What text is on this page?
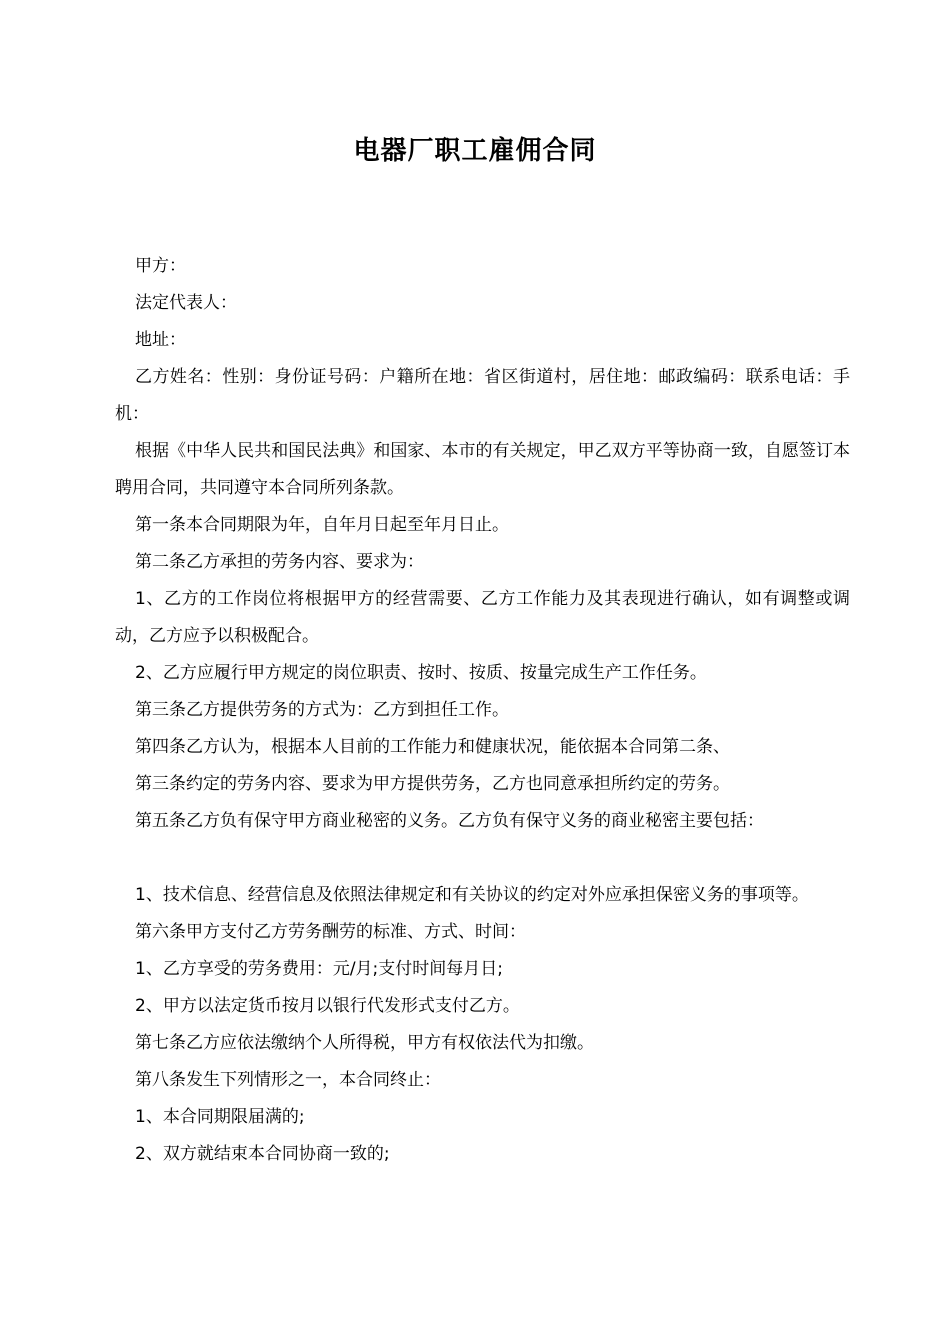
电器厂职工雇佣合同

甲方：

法定代表人：

地址：

乙方姓名：性别：身份证号码：户籍所在地：省区街道村，居住地：邮政编码：联系电话：手机：

根据《中华人民共和国民法典》和国家、本市的有关规定，甲乙双方平等协商一致，自愿签订本聘用合同，共同遵守本合同所列条款。

第一条本合同期限为年，自年月日起至年月日止。

第二条乙方承担的劳务内容、要求为：

1、乙方的工作岗位将根据甲方的经营需要、乙方工作能力及其表现进行确认，如有调整或调动，乙方应予以积极配合。

2、乙方应履行甲方规定的岗位职责、按时、按质、按量完成生产工作任务。

第三条乙方提供劳务的方式为：乙方到担任工作。

第四条乙方认为，根据本人目前的工作能力和健康状况，能依据本合同第二条、

第三条约定的劳务内容、要求为甲方提供劳务，乙方也同意承担所约定的劳务。

第五条乙方负有保守甲方商业秘密的义务。乙方负有保守义务的商业秘密主要包括：

1、技术信息、经营信息及依照法律规定和有关协议的约定对外应承担保密义务的事项等。

第六条甲方支付乙方劳务酬劳的标准、方式、时间：

1、乙方享受的劳务费用：元/月;支付时间每月日;

2、甲方以法定货币按月以银行代发形式支付乙方。

第七条乙方应依法缴纳个人所得税，甲方有权依法代为扣缴。

第八条发生下列情形之一，本合同终止：

1、本合同期限届满的;

2、双方就结束本合同协商一致的;
